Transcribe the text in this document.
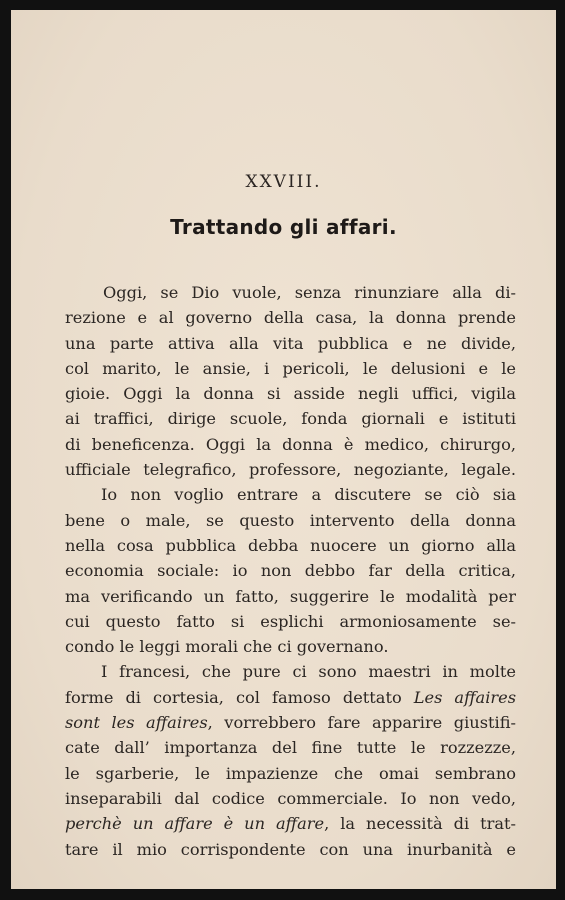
XXVIII.
Trattando gli affari.
Oggi, se Dio vuole, senza rinunziare alla di-
rezione e al governo della casa, la donna prende
una parte attiva alla vita pubblica e ne divide,
col marito, le ansie, i pericoli, le delusioni e le
gioie. Oggi la donna si asside negli uffici, vigila
ai traffici, dirige scuole, fonda giornali e istituti
di beneficenza. Oggi la donna è medico, chirurgo,
ufficiale telegrafico, professore, negoziante, legale.
Io non voglio entrare a discutere se ciò sia
bene o male, se questo intervento della donna
nella cosa pubblica debba nuocere un giorno alla
economia sociale: io non debbo far della critica,
ma verificando un fatto, suggerire le modalità per
cui questo fatto si esplichi armoniosamente se-
condo le leggi morali che ci governano.
I francesi, che pure ci sono maestri in molte
forme di cortesia, col famoso dettato Les affaires
sont les affaires, vorrebbero fare apparire giustifi-
cate dall’ importanza del fine tutte le rozzezze,
le sgarberie, le impazienze che omai sembrano
inseparabili dal codice commerciale. Io non vedo,
perchè un affare è un affare, la necessità di trat-
tare il mio corrispondente con una inurbanità e
